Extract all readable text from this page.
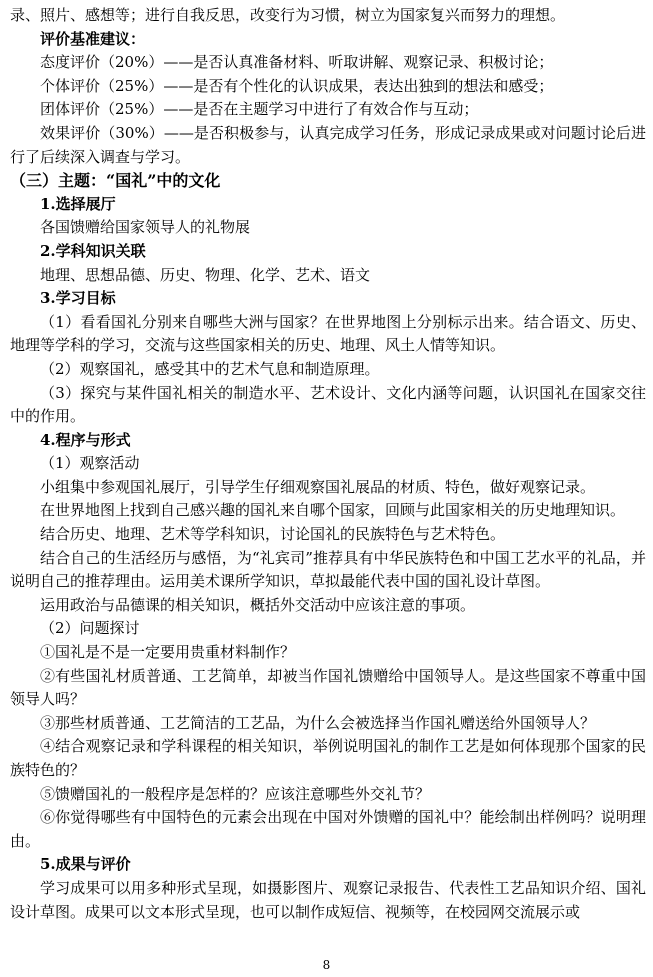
录、照片、感想等；进行自我反思，改变行为习惯，树立为国家复兴而努力的理想。

评价基准建议：

态度评价（20%）——是否认真准备材料、听取讲解、观察记录、积极讨论；

个体评价（25%）——是否有个性化的认识成果，表达出独到的想法和感受；

团体评价（25%）——是否在主题学习中进行了有效合作与互动；

效果评价（30%）——是否积极参与，认真完成学习任务，形成记录成果或对问题讨论后进行了后续深入调查与学习。

（三）主题：“国礼”中的文化

1.选择展厅

各国馈赠给国家领导人的礼物展

2.学科知识关联

地理、思想品德、历史、物理、化学、艺术、语文

3.学习目标

（1）看看国礼分别来自哪些大洲与国家？在世界地图上分别标示出来。结合语文、历史、地理等学科的学习，交流与这些国家相关的历史、地理、风土人情等知识。

（2）观察国礼，感受其中的艺术气息和制造原理。

（3）探究与某件国礼相关的制造水平、艺术设计、文化内涵等问题，认识国礼在国家交往中的作用。

4.程序与形式

（1）观察活动

小组集中参观国礼展厅，引导学生仔细观察国礼展品的材质、特色，做好观察记录。

在世界地图上找到自己感兴趣的国礼来自哪个国家，回顾与此国家相关的历史地理知识。

结合历史、地理、艺术等学科知识，讨论国礼的民族特色与艺术特色。

结合自己的生活经历与感悟，为“礼宾司”推荐具有中华民族特色和中国工艺水平的礼品，并说明自己的推荐理由。运用美术课所学知识，草拟最能代表中国的国礼设计草图。

运用政治与品德课的相关知识，概括外交活动中应该注意的事项。

（2）问题探讨

①国礼是不是一定要用贵重材料制作？

②有些国礼材质普通、工艺简单，却被当作国礼馈赠给中国领导人。是这些国家不尊重中国领导人吗？

③那些材质普通、工艺简洁的工艺品，为什么会被选择当作国礼赠送给外国领导人？

④结合观察记录和学科课程的相关知识，举例说明国礼的制作工艺是如何体现那个国家的民族特色的？

⑤馈赠国礼的一般程序是怎样的？应该注意哪些外交礼节？

⑥你觉得哪些有中国特色的元素会出现在中国对外馈赠的国礼中？能绘制出样例吗？说明理由。

5.成果与评价

学习成果可以用多种形式呈现，如摄影图片、观察记录报告、代表性工艺品知识介绍、国礼设计草图。成果可以文本形式呈现，也可以制作成短信、视频等，在校园网交流展示或

8
